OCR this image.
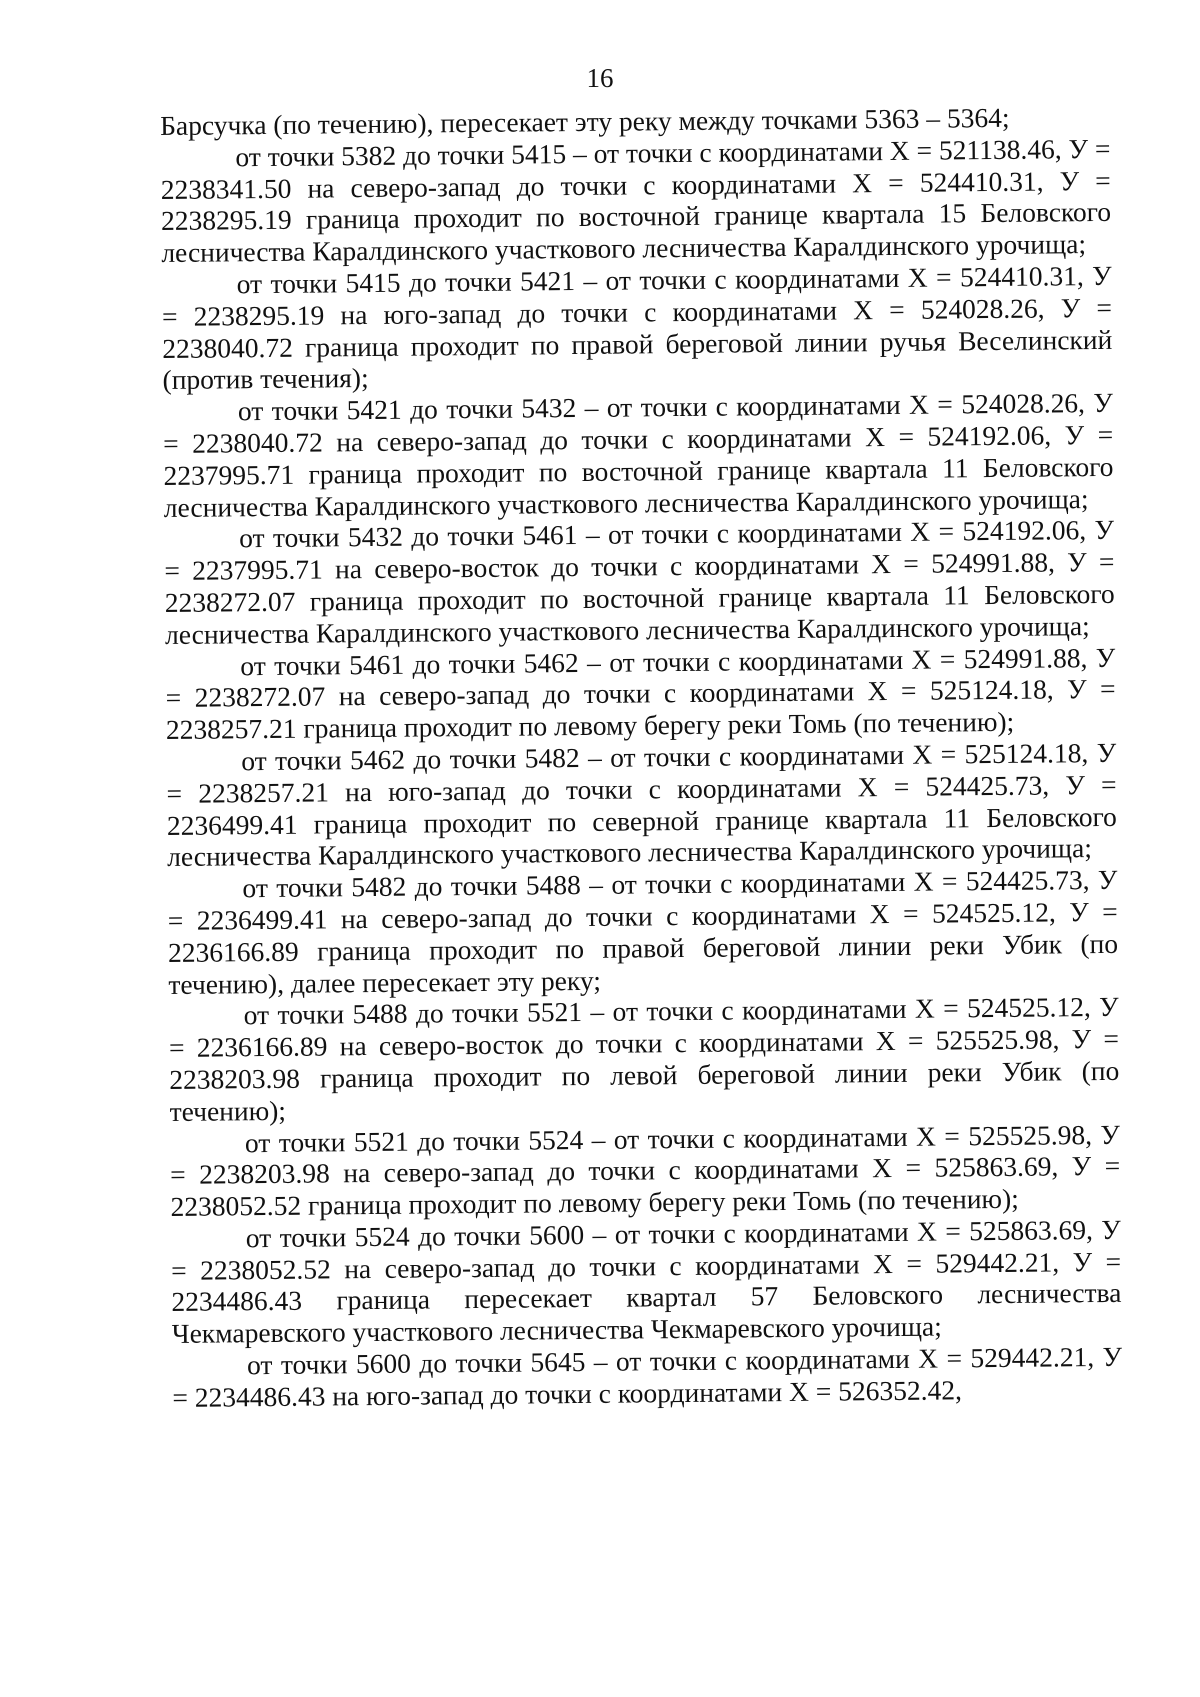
16

Барсучка (по течению), пересекает эту реку между точками 5363 – 5364;

от точки 5382 до точки 5415 – от точки с координатами Х = 521138.46, У = 2238341.50 на северо-запад до точки с координатами Х = 524410.31, У = 2238295.19 граница проходит по восточной границе квартала 15 Беловского лесничества Каралдинского участкового лесничества Каралдинского урочища;

от точки 5415 до точки 5421 – от точки с координатами Х = 524410.31, У = 2238295.19 на юго-запад до точки с координатами Х = 524028.26, У = 2238040.72 граница проходит по правой береговой линии ручья Веселинский (против течения);

от точки 5421 до точки 5432 – от точки с координатами Х = 524028.26, У = 2238040.72 на северо-запад до точки с координатами Х = 524192.06, У = 2237995.71 граница проходит по восточной границе квартала 11 Беловского лесничества Каралдинского участкового лесничества Каралдинского урочища;

от точки 5432 до точки 5461 – от точки с координатами Х = 524192.06, У = 2237995.71 на северо-восток до точки с координатами Х = 524991.88, У = 2238272.07 граница проходит по восточной границе квартала 11 Беловского лесничества Каралдинского участкового лесничества Каралдинского урочища;

от точки 5461 до точки 5462 – от точки с координатами Х = 524991.88, У = 2238272.07 на северо-запад до точки с координатами Х = 525124.18, У = 2238257.21 граница проходит по левому берегу реки Томь (по течению);

от точки 5462 до точки 5482 – от точки с координатами Х = 525124.18, У = 2238257.21 на юго-запад до точки с координатами Х = 524425.73, У = 2236499.41 граница проходит по северной границе квартала 11 Беловского лесничества Каралдинского участкового лесничества Каралдинского урочища;

от точки 5482 до точки 5488 – от точки с координатами Х = 524425.73, У = 2236499.41 на северо-запад до точки с координатами Х = 524525.12, У = 2236166.89 граница проходит по правой береговой линии реки Убик (по течению), далее пересекает эту реку;

от точки 5488 до точки 5521 – от точки с координатами Х = 524525.12, У = 2236166.89 на северо-восток до точки с координатами Х = 525525.98, У = 2238203.98 граница проходит по левой береговой линии реки Убик (по течению);

от точки 5521 до точки 5524 – от точки с координатами Х = 525525.98, У = 2238203.98 на северо-запад до точки с координатами Х = 525863.69, У = 2238052.52 граница проходит по левому берегу реки Томь (по течению);

от точки 5524 до точки 5600 – от точки с координатами Х = 525863.69, У = 2238052.52 на северо-запад до точки с координатами Х = 529442.21, У = 2234486.43 граница пересекает квартал 57 Беловского лесничества Чекмаревского участкового лесничества Чекмаревского урочища;

от точки 5600 до точки 5645 – от точки с координатами Х = 529442.21, У = 2234486.43 на юго-запад до точки с координатами Х = 526352.42,
